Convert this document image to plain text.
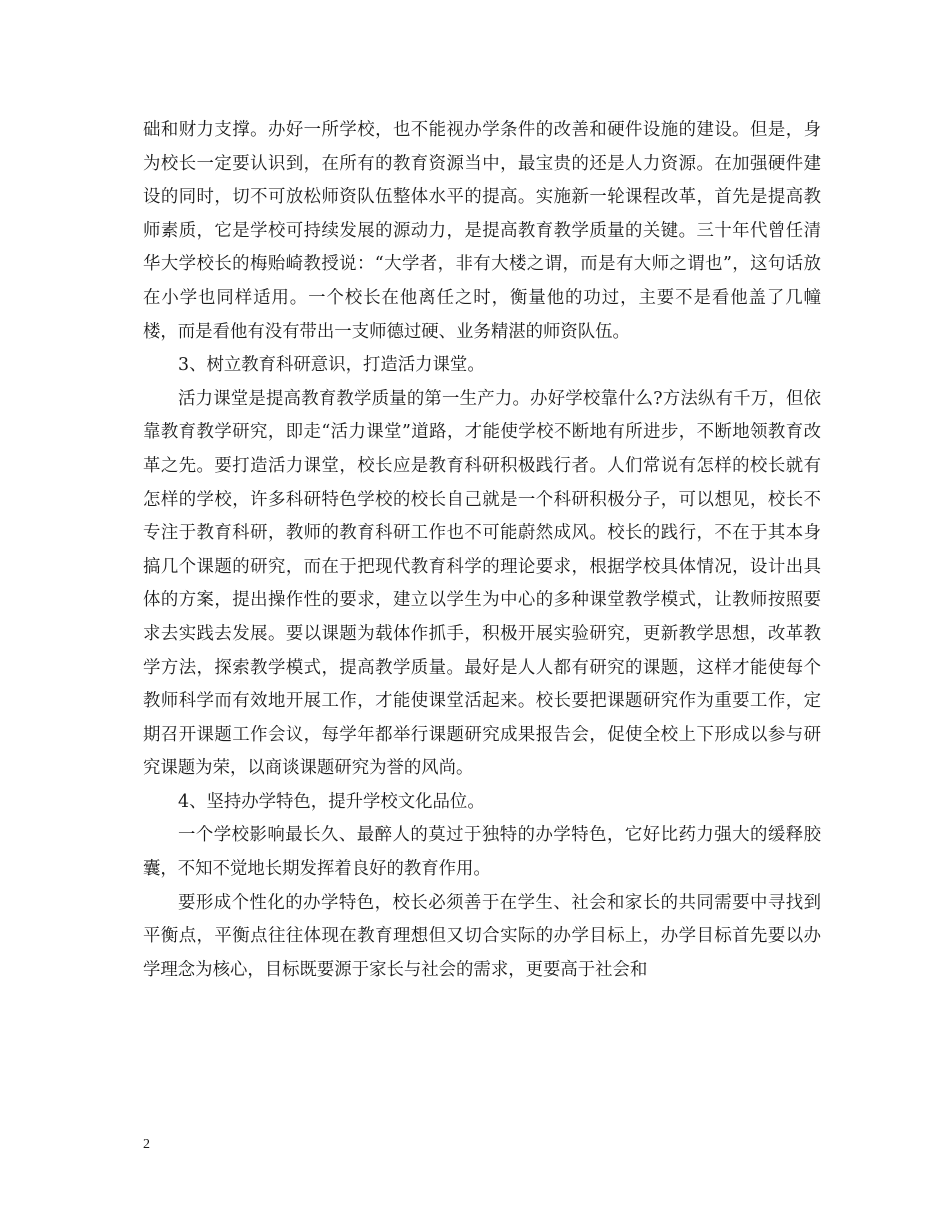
础和财力支撑。办好一所学校，也不能视办学条件的改善和硬件设施的建设。但是，身为校长一定要认识到，在所有的教育资源当中，最宝贵的还是人力资源。在加强硬件建设的同时，切不可放松师资队伍整体水平的提高。实施新一轮课程改革，首先是提高教师素质，它是学校可持续发展的源动力，是提高教育教学质量的关键。三十年代曾任清华大学校长的梅贻崎教授说：“大学者，非有大楼之谓，而是有大师之谓也”，这句话放在小学也同样适用。一个校长在他离任之时，衡量他的功过，主要不是看他盖了几幢楼，而是看他有没有带出一支师德过硬、业务精湛的师资队伍。

3、树立教育科研意识，打造活力课堂。

活力课堂是提高教育教学质量的第一生产力。办好学校靠什么?方法纵有千万，但依靠教育教学研究，即走“活力课堂”道路，才能使学校不断地有所进步，不断地领教育改革之先。要打造活力课堂，校长应是教育科研积极践行者。人们常说有怎样的校长就有怎样的学校，许多科研特色学校的校长自己就是一个科研积极分子，可以想见，校长不专注于教育科研，教师的教育科研工作也不可能蔚然成风。校长的践行，不在于其本身搞几个课题的研究，而在于把现代教育科学的理论要求，根据学校具体情况，设计出具体的方案，提出操作性的要求，建立以学生为中心的多种课堂教学模式，让教师按照要求去实践去发展。要以课题为载体作抓手，积极开展实验研究，更新教学思想，改革教学方法，探索教学模式，提高教学质量。最好是人人都有研究的课题，这样才能使每个教师科学而有效地开展工作，才能使课堂活起来。校长要把课题研究作为重要工作，定期召开课题工作会议，每学年都举行课题研究成果报告会，促使全校上下形成以参与研究课题为荣，以商谈课题研究为誉的风尚。

4、坚持办学特色，提升学校文化品位。

一个学校影响最长久、最醉人的莫过于独特的办学特色，它好比药力强大的缓释胶囊，不知不觉地长期发挥着良好的教育作用。

要形成个性化的办学特色，校长必须善于在学生、社会和家长的共同需要中寻找到平衡点，平衡点往往体现在教育理想但又切合实际的办学目标上，办学目标首先要以办学理念为核心，目标既要源于家长与社会的需求，更要高于社会和

2
